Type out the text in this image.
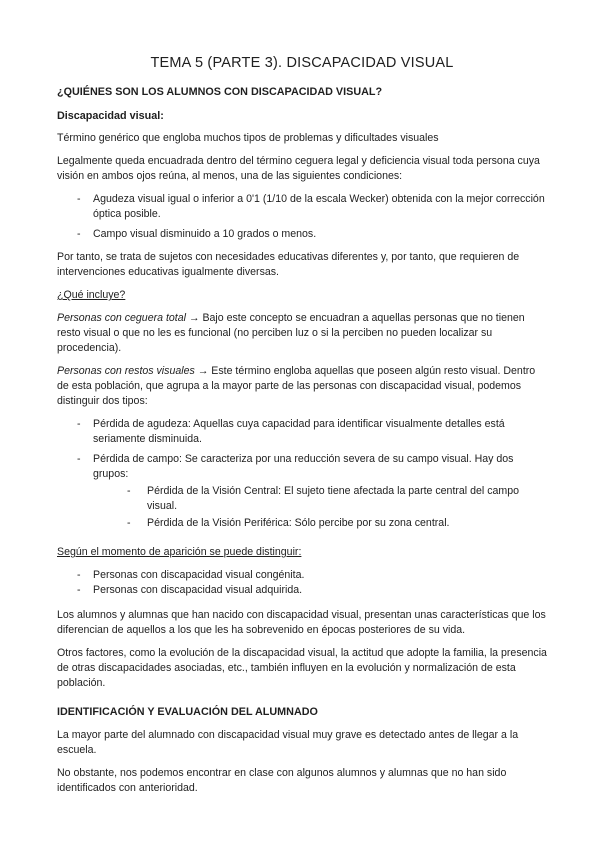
TEMA 5 (PARTE 3). DISCAPACIDAD VISUAL
¿QUIÉNES SON LOS ALUMNOS CON DISCAPACIDAD VISUAL?
Discapacidad visual:

Término genérico que engloba muchos tipos de problemas y dificultades visuales

Legalmente queda encuadrada dentro del término ceguera legal y deficiencia visual toda persona cuya visión en ambos ojos reúna, al menos, una de las siguientes condiciones:

- Agudeza visual igual o inferior a 0'1 (1/10 de la escala Wecker) obtenida con la mejor corrección óptica posible.
- Campo visual disminuido a 10 grados o menos.

Por tanto, se trata de sujetos con necesidades educativas diferentes y, por tanto, que requieren de intervenciones educativas igualmente diversas.

¿Qué incluye?

Personas con ceguera total → Bajo este concepto se encuadran a aquellas personas que no tienen resto visual o que no les es funcional (no perciben luz o si la perciben no pueden localizar su procedencia).

Personas con restos visuales → Este término engloba aquellas que poseen algún resto visual. Dentro de esta población, que agrupa a la mayor parte de las personas con discapacidad visual, podemos distinguir dos tipos:

- Pérdida de agudeza: Aquellas cuya capacidad para identificar visualmente detalles está seriamente disminuida.
- Pérdida de campo: Se caracteriza por una reducción severa de su campo visual. Hay dos grupos:
- Pérdida de la Visión Central: El sujeto tiene afectada la parte central del campo visual.
- Pérdida de la Visión Periférica: Sólo percibe por su zona central.

Según el momento de aparición se puede distinguir:

- Personas con discapacidad visual congénita.
- Personas con discapacidad visual adquirida.

Los alumnos y alumnas que han nacido con discapacidad visual, presentan unas características que los diferencian de aquellos a los que les ha sobrevenido en épocas posteriores de su vida.

Otros factores, como la evolución de la discapacidad visual, la actitud que adopte la familia, la presencia de otras discapacidades asociadas, etc., también influyen en la evolución y normalización de esta población.

IDENTIFICACIÓN Y EVALUACIÓN DEL ALUMNADO

La mayor parte del alumnado con discapacidad visual muy grave es detectado antes de llegar a la escuela.

No obstante, nos podemos encontrar en clase con algunos alumnos y alumnas que no han sido identificados con anterioridad.
